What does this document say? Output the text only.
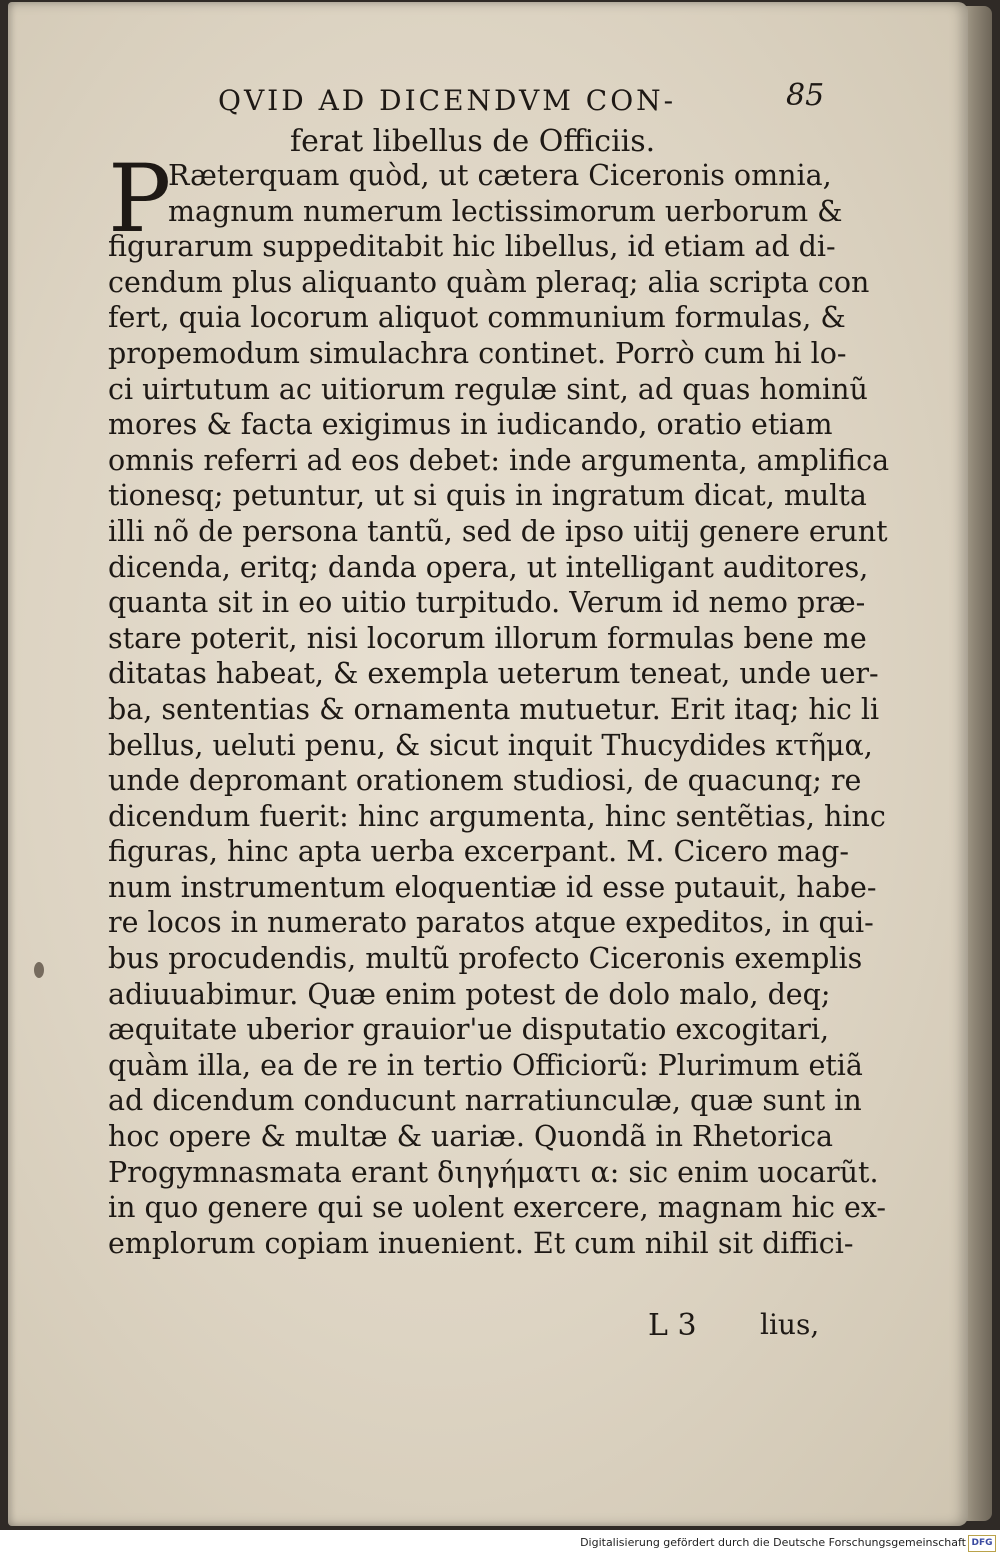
QVID AD DICENDVM CON-	85
ferat libellus de Officiis.
P
Ræterquam quòd, ut cætera Ciceronis omnia,
magnum numerum lectissimorum uerborum &
figurarum suppeditabit hic libellus, id etiam ad di-
cendum plus aliquanto quàm pleraq; alia scripta con
fert, quia locorum aliquot communium formulas, &
propemodum simulachra continet. Porrò cum hi lo-
ci uirtutum ac uitiorum regulæ sint, ad quas hominũ
mores & facta exigimus in iudicando, oratio etiam
omnis referri ad eos debet: inde argumenta, amplifica
tionesq; petuntur, ut si quis in ingratum dicat, multa
illi nõ de persona tantũ, sed de ipso uitij genere erunt
dicenda, eritq; danda opera, ut intelligant auditores,
quanta sit in eo uitio turpitudo. Verum id nemo præ-
stare poterit, nisi locorum illorum formulas bene me
ditatas habeat, & exempla ueterum teneat, unde uer-
ba, sententias & ornamenta mutuetur. Erit itaq; hic li
bellus, ueluti penu, & sicut inquit Thucydides κτῆμα,
unde depromant orationem studiosi, de quacunq; re
dicendum fuerit: hinc argumenta, hinc sentẽtias, hinc
figuras, hinc apta uerba excerpant. M. Cicero mag-
num instrumentum eloquentiæ id esse putauit, habe-
re locos in numerato paratos atque expeditos, in qui-
bus procudendis, multũ profecto Ciceronis exemplis
adiuuabimur. Quæ enim potest de dolo malo, deq;
æquitate uberior grauior'ue disputatio excogitari,
quàm illa, ea de re in tertio Officiorũ: Plurimum etiã
ad dicendum conducunt narratiunculæ, quæ sunt in
hoc opere & multæ & uariæ. Quondã in Rhetorica
Progymnasmata erant διηγήματι α: sic enim uocarũt.
in quo genere qui se uolent exercere, magnam hic ex-
emplorum copiam inuenient. Et cum nihil sit diffici-
L 3 lius,
Digitalisierung gefördert durch die Deutsche Forschungsgemeinschaft DFG
